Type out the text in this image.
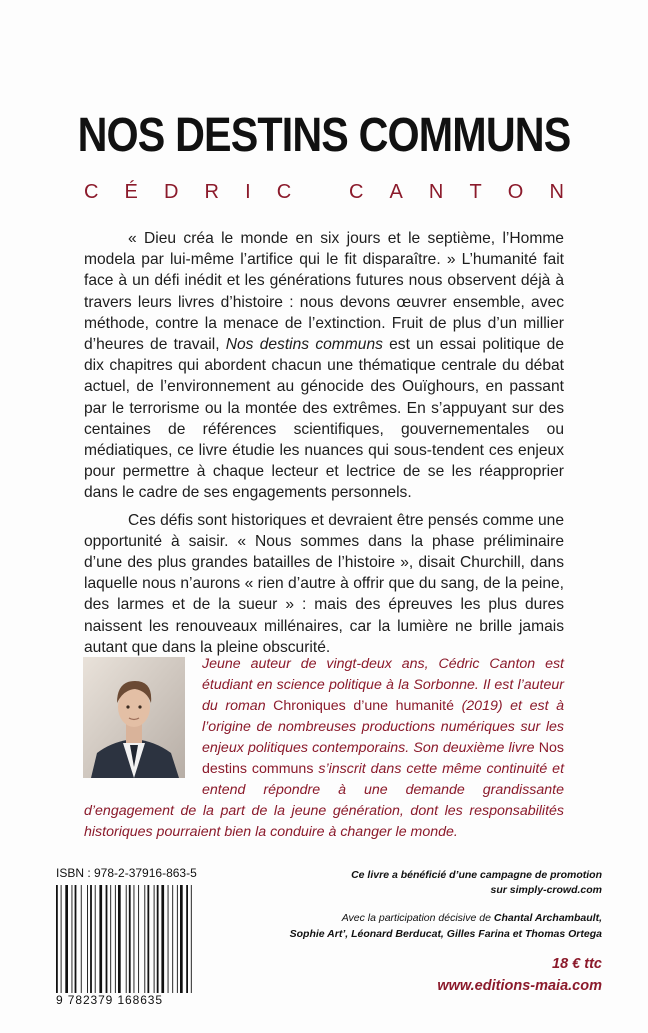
NOS DESTINS COMMUNS
C É D R I C
	C A N T O N

« Dieu créa le monde en six jours et le septième, l’Homme modela par lui-même l’artifice qui le fit disparaître. » L’humanité fait face à un défi inédit et les générations futures nous observent déjà à travers leurs livres d’histoire : nous devons œuvrer ensemble, avec méthode, contre la menace de l’extinction. Fruit de plus d’un millier d’heures de travail, Nos destins communs est un essai politique de dix chapitres qui abordent chacun une thématique centrale du débat actuel, de l’environnement au génocide des Ouïghours, en passant par le terrorisme ou la montée des extrêmes. En s’appuyant sur des centaines de références scientifiques, gouvernementales ou médiatiques, ce livre étudie les nuances qui sous-tendent ces enjeux pour permettre à chaque lecteur et lectrice de se les réapproprier dans le cadre de ses engagements personnels.

Ces défis sont historiques et devraient être pensés comme une opportunité à saisir. « Nous sommes dans la phase préliminaire d’une des plus grandes batailles de l’histoire », disait Churchill, dans laquelle nous n’aurons « rien d’autre à offrir que du sang, de la peine, des larmes et de la sueur » : mais des épreuves les plus dures naissent les renouveaux millénaires, car la lumière ne brille jamais autant que dans la pleine obscurité.

Jeune auteur de vingt-deux ans, Cédric Canton est étudiant en science politique à la Sorbonne. Il est l’auteur du roman Chroniques d’une humanité (2019) et est à l’origine de nombreuses productions numériques sur les enjeux politiques contemporains. Son deuxième livre Nos destins communs s’inscrit dans cette même continuité et entend répondre à une demande grandissante d’engagement de la part de la jeune génération, dont les responsabilités historiques pourraient bien la conduire à changer le monde.
ISBN : 978-2-37916-863-5
9 782379 168635
Ce livre a bénéficié d’une campagne de promotion
sur simply-crowd.com
Avec la participation décisive de Chantal Archambault,
Sophie Art’, Léonard Berducat, Gilles Farina et Thomas Ortega
18 € ttc
www.editions-maia.com
